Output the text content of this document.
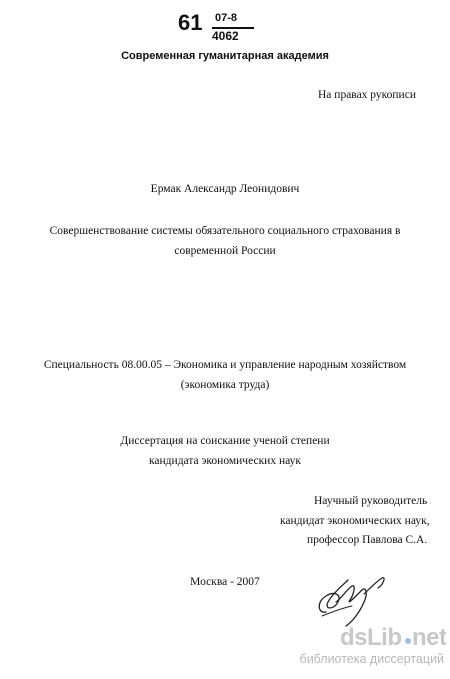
61 07-8
4062
Современная гуманитарная академия
На правах рукописи
Ермак Александр Леонидович
Совершенствование системы обязательного социального страхования в
современной России
Специальность 08.00.05 – Экономика и управление народным хозяйством
(экономика труда)
Диссертация на соискание ученой степени
кандидата экономических наук
Научный руководитель
кандидат экономических наук,
профессор Павлова С.А.
Москва - 2007
dsLib net
библиотека диссертаций
